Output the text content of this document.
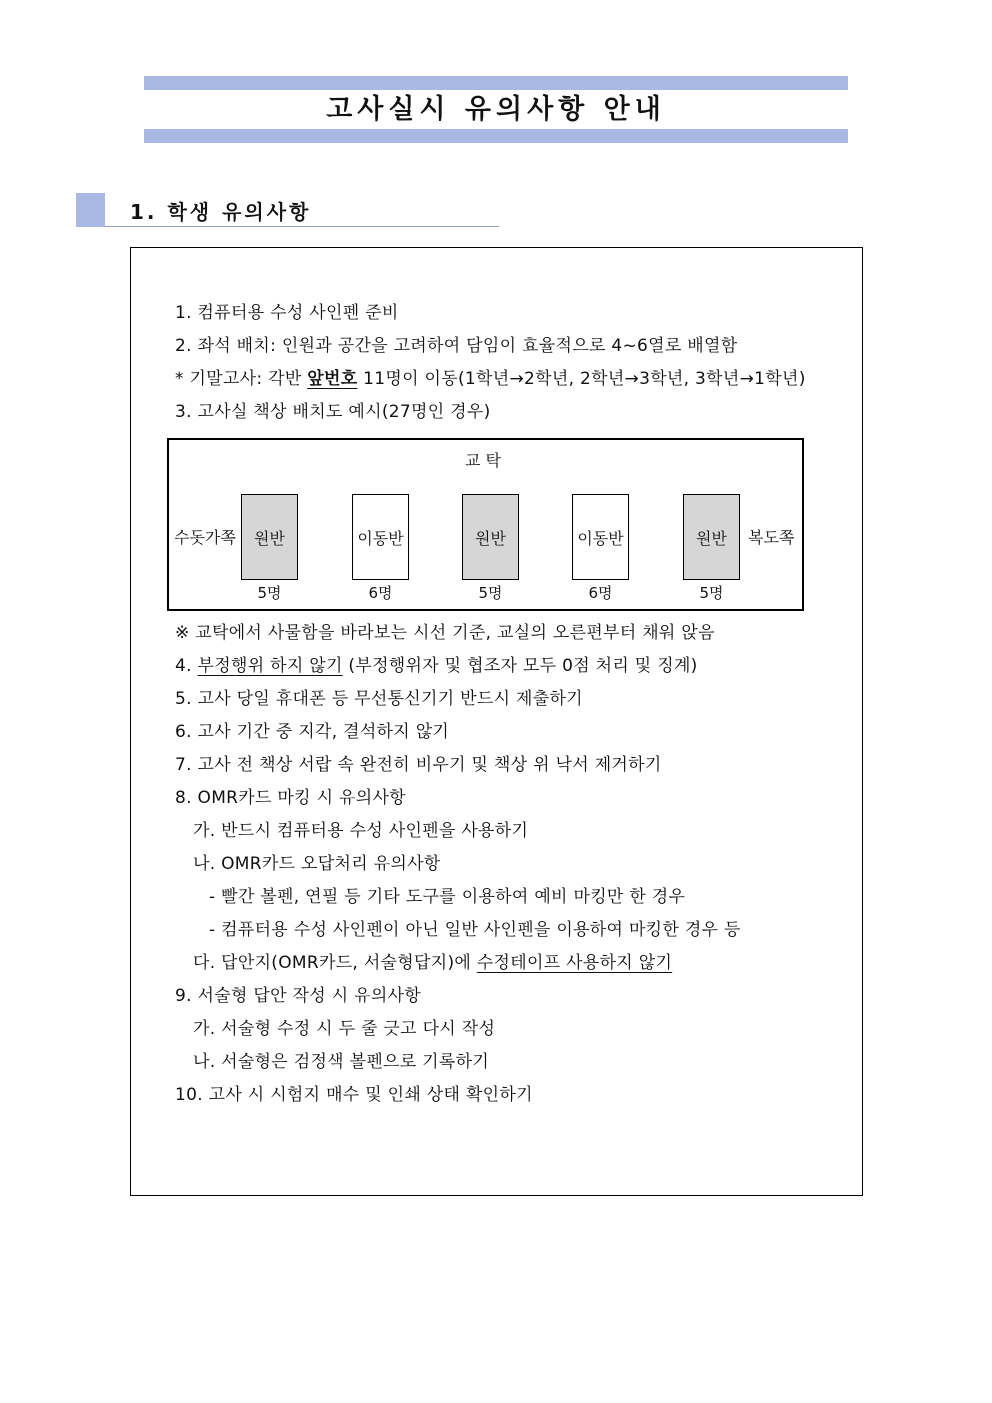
고사실시 유의사항 안내
1. 학생 유의사항
1. 컴퓨터용 수성 사인펜 준비
2. 좌석 배치: 인원과 공간을 고려하여 담임이 효율적으로 4~6열로 배열함
* 기말고사: 각반 앞번호 11명이 이동(1학년→2학년, 2학년→3학년, 3학년→1학년)
3. 고사실 책상 배치도 예시(27명인 경우)
교 탁
수돗가쪽	복도쪽
원반	이동반	원반	이동반	원반
5명	6명	5명	6명	5명
※ 교탁에서 사물함을 바라보는 시선 기준, 교실의 오른편부터 채워 앉음
4. 부정행위 하지 않기 (부정행위자 및 협조자 모두 0점 처리 및 징계)
5. 고사 당일 휴대폰 등 무선통신기기 반드시 제출하기
6. 고사 기간 중 지각, 결석하지 않기
7. 고사 전 책상 서랍 속 완전히 비우기 및 책상 위 낙서 제거하기
8. OMR카드 마킹 시 유의사항
가. 반드시 컴퓨터용 수성 사인펜을 사용하기
나. OMR카드 오답처리 유의사항
- 빨간 볼펜, 연필 등 기타 도구를 이용하여 예비 마킹만 한 경우
- 컴퓨터용 수성 사인펜이 아닌 일반 사인펜을 이용하여 마킹한 경우 등
다. 답안지(OMR카드, 서술형답지)에 수정테이프 사용하지 않기
9. 서술형 답안 작성 시 유의사항
가. 서술형 수정 시 두 줄 긋고 다시 작성
나. 서술형은 검정색 볼펜으로 기록하기
10. 고사 시 시험지 매수 및 인쇄 상태 확인하기
